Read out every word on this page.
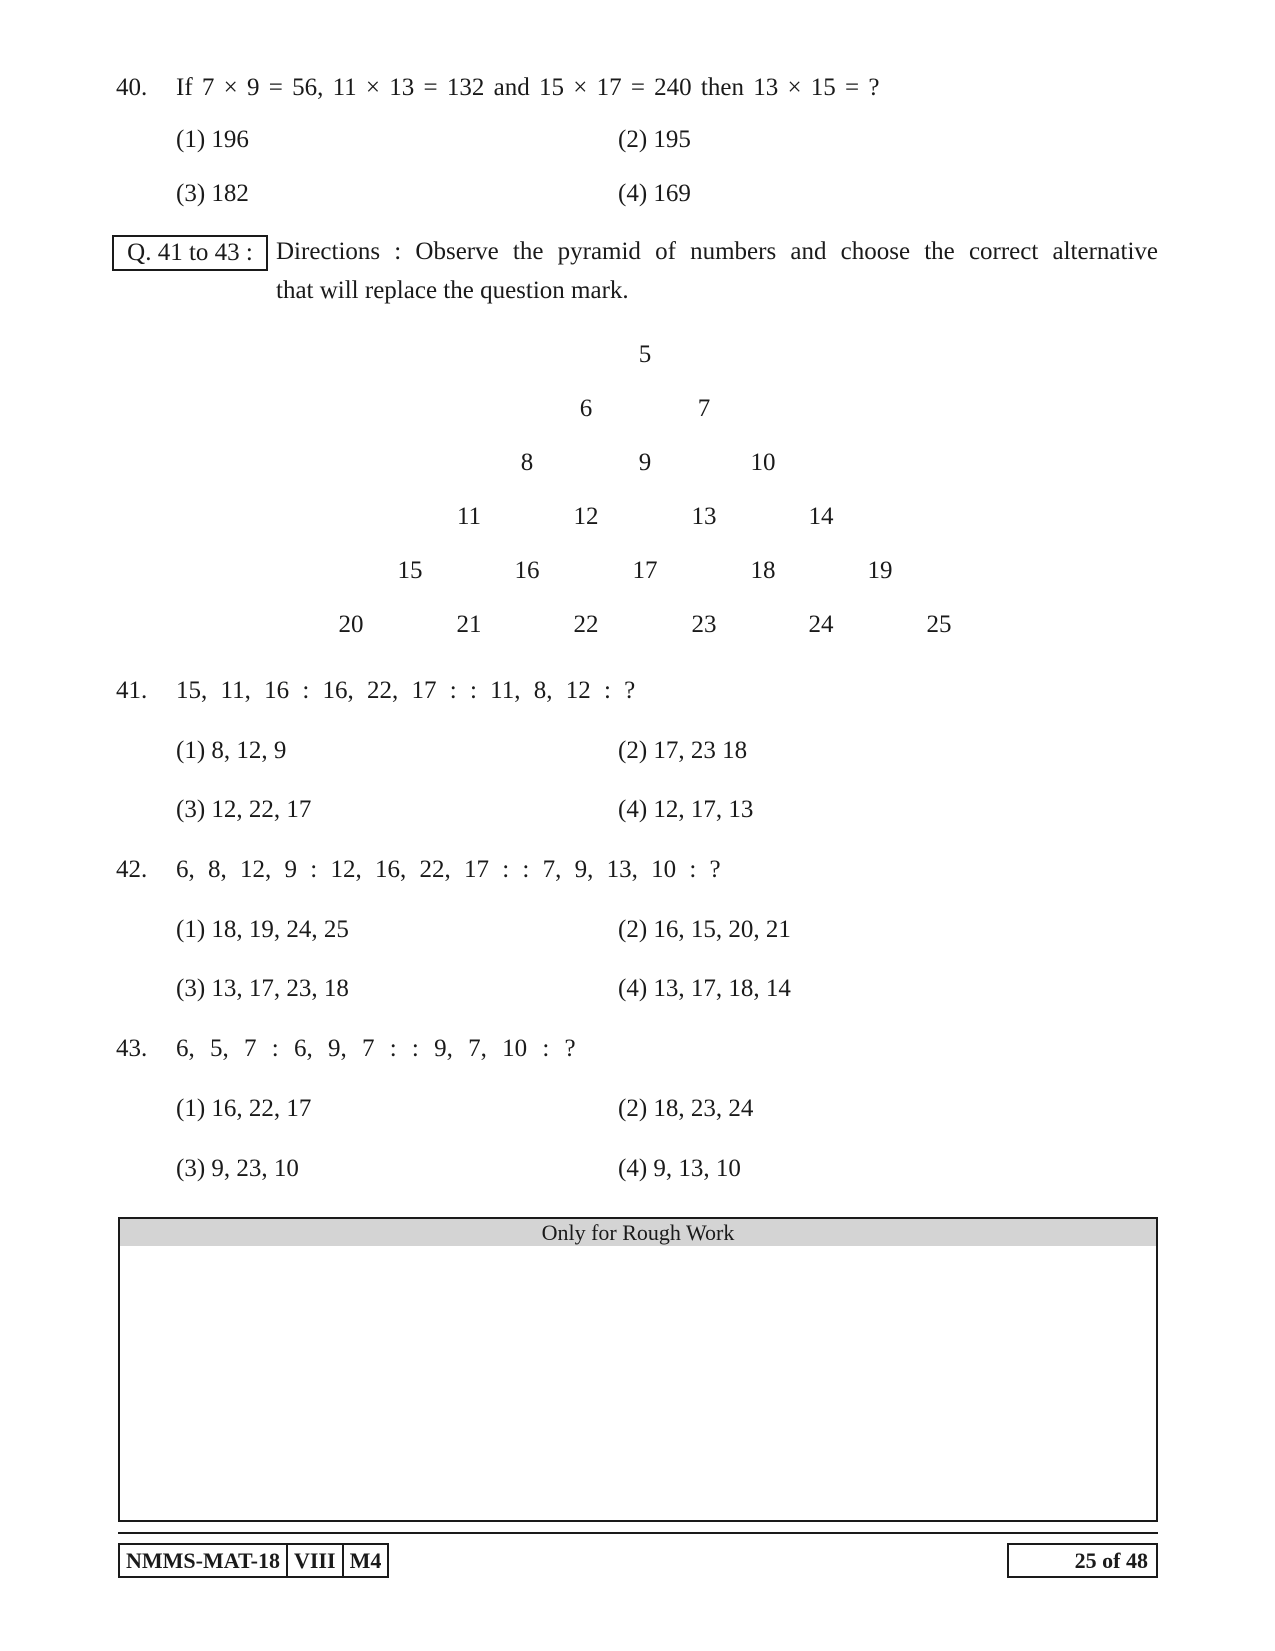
40. If 7 × 9 = 56, 11 × 13 = 132 and 15 × 17 = 240 then 13 × 15 = ?
(1) 196	(2) 195
(3) 182	(4) 169
Q. 41 to 43 : Directions : Observe the pyramid of numbers and choose the correct alternative
that will replace the question mark.
5
6	7
8	9	10
11	12	13	14
15	16	17	18	19
20	21	22	23	24	25
41. 15, 11, 16 : 16, 22, 17 : : 11, 8, 12 : ?
(1) 8, 12, 9	(2) 17, 23 18
(3) 12, 22, 17	(4) 12, 17, 13
42. 6, 8, 12, 9 : 12, 16, 22, 17 : : 7, 9, 13, 10 : ?
(1) 18, 19, 24, 25	(2) 16, 15, 20, 21
(3) 13, 17, 23, 18	(4) 13, 17, 18, 14
43. 6, 5, 7 : 6, 9, 7 : : 9, 7, 10 : ?
(1) 16, 22, 17	(2) 18, 23, 24
(3) 9, 23, 10	(4) 9, 13, 10
Only for Rough Work
NMMS-MAT-18 VIII M4	25 of 48
